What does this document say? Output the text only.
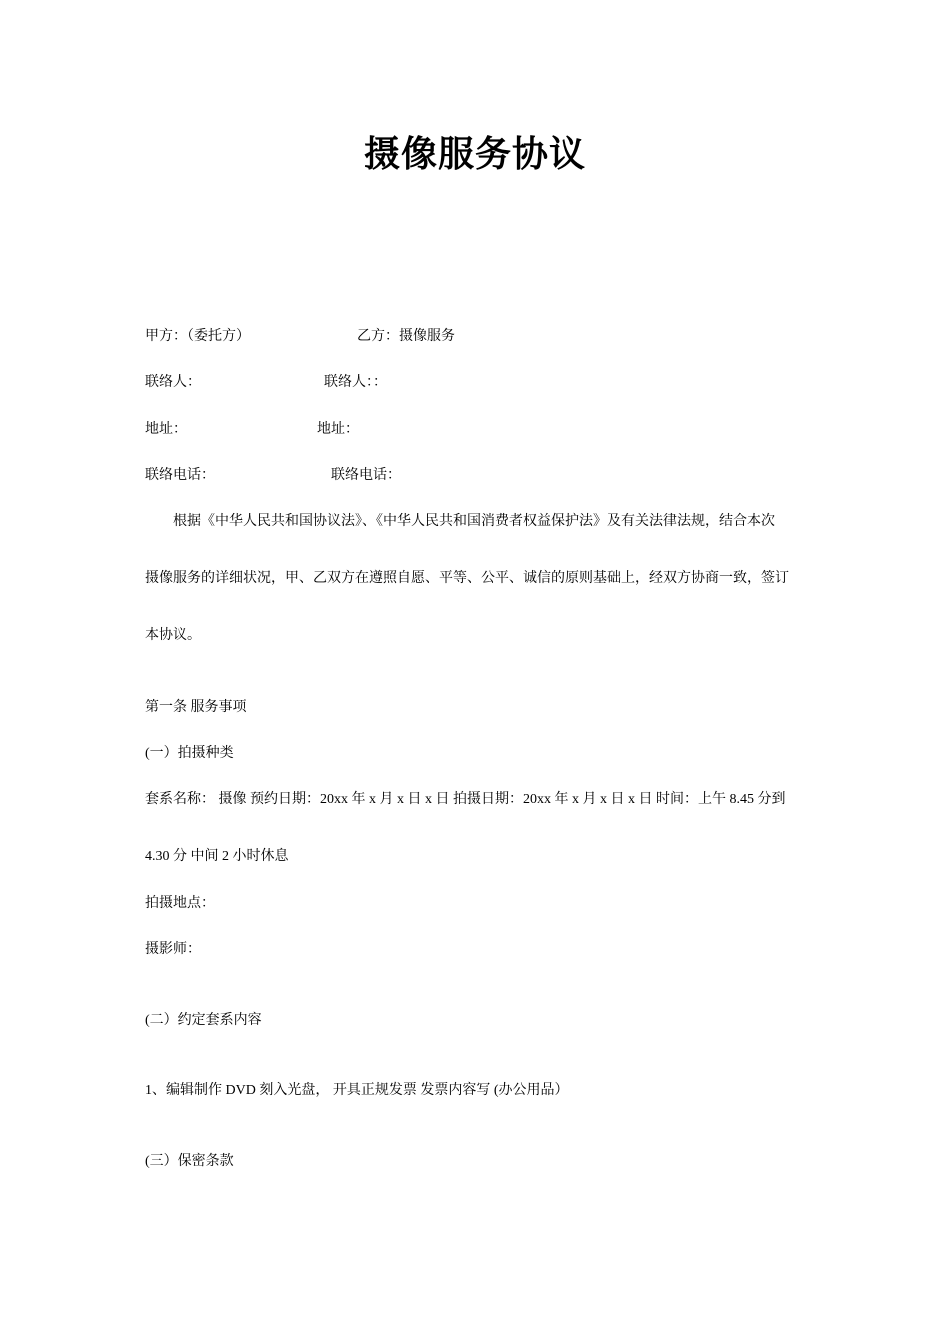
摄像服务协议
甲方：（委托方）	乙方：摄像服务
联络人：	联络人：：
地址：	地址：
联络电话：	联络电话：
根据《中华人民共和国协议法》、《中华人民共和国消费者权益保护法》及有关法律法规，结合本次
摄像服务的详细状况，甲、乙双方在遵照自愿、平等、公平、诚信的原则基础上，经双方协商一致，签订
本协议。
第一条 服务事项
(一）拍摄种类
套系名称： 摄像 预约日期：20xx 年 x 月 x 日 x 日 拍摄日期：20xx 年 x 月 x 日 x 日 时间：上午 8.45 分到
4.30 分 中间 2 小时休息
拍摄地点：
摄影师：
(二）约定套系内容
1、编辑制作 DVD 刻入光盘， 开具正规发票 发票内容写 (办公用品）
(三）保密条款
